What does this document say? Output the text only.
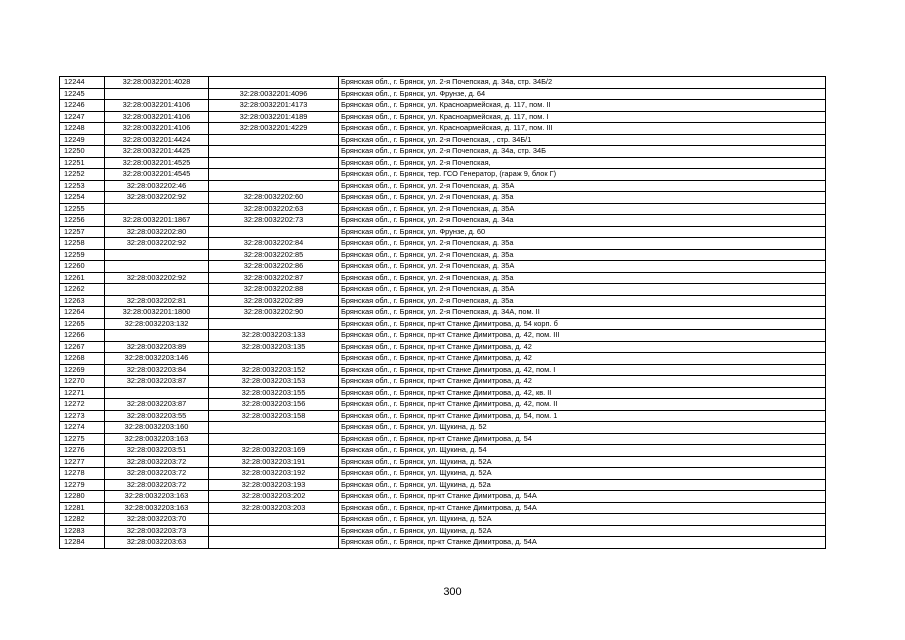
12244	32:28:0032201:4028		Брянская обл., г. Брянск, ул. 2-я Почепская, д. 34а, стр. 34Б/2
12245		32:28:0032201:4096	Брянская обл., г. Брянск, ул. Фрунзе, д. 64
12246	32:28:0032201:4106	32:28:0032201:4173	Брянская обл., г. Брянск, ул. Красноармейская, д. 117, пом. II
12247	32:28:0032201:4106	32:28:0032201:4189	Брянская обл., г. Брянск, ул. Красноармейская, д. 117, пом. I
12248	32:28:0032201:4106	32:28:0032201:4229	Брянская обл., г. Брянск, ул. Красноармейская, д. 117, пом. III
12249	32:28:0032201:4424		Брянская обл., г. Брянск, ул. 2-я Почепская, , стр. 34Б/1
12250	32:28:0032201:4425		Брянская обл., г. Брянск, ул. 2-я Почепская, д. 34а, стр. 34Б
12251	32:28:0032201:4525		Брянская обл., г. Брянск, ул. 2-я Почепская,
12252	32:28:0032201:4545		Брянская обл., г. Брянск, тер. ГСО Генератор, (гараж 9, блок Г)
12253	32:28:0032202:46		Брянская обл., г. Брянск, ул. 2-я Почепская, д. 35А
12254	32:28:0032202:92	32:28:0032202:60	Брянская обл., г. Брянск, ул. 2-я Почепская, д. 35а
12255		32:28:0032202:63	Брянская обл., г. Брянск, ул. 2-я Почепская, д. 35А
12256	32:28:0032201:1867	32:28:0032202:73	Брянская обл., г. Брянск, ул. 2-я Почепская, д. 34а
12257	32:28:0032202:80		Брянская обл., г. Брянск, ул. Фрунзе, д. 60
12258	32:28:0032202:92	32:28:0032202:84	Брянская обл., г. Брянск, ул. 2-я Почепская, д. 35а
12259		32:28:0032202:85	Брянская обл., г. Брянск, ул. 2-я Почепская, д. 35а
12260		32:28:0032202:86	Брянская обл., г. Брянск, ул. 2-я Почепская, д. 35А
12261	32:28:0032202:92	32:28:0032202:87	Брянская обл., г. Брянск, ул. 2-я Почепская, д. 35а
12262		32:28:0032202:88	Брянская обл., г. Брянск, ул. 2-я Почепская, д. 35А
12263	32:28:0032202:81	32:28:0032202:89	Брянская обл., г. Брянск, ул. 2-я Почепская, д. 35а
12264	32:28:0032201:1800	32:28:0032202:90	Брянская обл., г. Брянск, ул. 2-я Почепская, д. 34А, пом. II
12265	32:28:0032203:132		Брянская обл., г. Брянск, пр-кт Станке Димитрова, д. 54 корп. б
12266		32:28:0032203:133	Брянская обл., г. Брянск, пр-кт Станке Димитрова, д. 42, пом. III
12267	32:28:0032203:89	32:28:0032203:135	Брянская обл., г. Брянск, пр-кт Станке Димитрова, д. 42
12268	32:28:0032203:146		Брянская обл., г. Брянск, пр-кт Станке Димитрова, д. 42
12269	32:28:0032203:84	32:28:0032203:152	Брянская обл., г. Брянск, пр-кт Станке Димитрова, д. 42, пом. I
12270	32:28:0032203:87	32:28:0032203:153	Брянская обл., г. Брянск, пр-кт Станке Димитрова, д. 42
12271		32:28:0032203:155	Брянская обл., г. Брянск, пр-кт Станке Димитрова, д. 42, кв. II
12272	32:28:0032203:87	32:28:0032203:156	Брянская обл., г. Брянск, пр-кт Станке Димитрова, д. 42, пом. II
12273	32:28:0032203:55	32:28:0032203:158	Брянская обл., г. Брянск, пр-кт Станке Димитрова, д. 54, пом. 1
12274	32:28:0032203:160		Брянская обл., г. Брянск, ул. Щукина, д. 52
12275	32:28:0032203:163		Брянская обл., г. Брянск, пр-кт Станке Димитрова, д. 54
12276	32:28:0032203:51	32:28:0032203:169	Брянская обл., г. Брянск, ул. Щукина, д. 54
12277	32:28:0032203:72	32:28:0032203:191	Брянская обл., г. Брянск, ул. Щукина, д. 52А
12278	32:28:0032203:72	32:28:0032203:192	Брянская обл., г. Брянск, ул. Щукина, д. 52А
12279	32:28:0032203:72	32:28:0032203:193	Брянская обл., г. Брянск, ул. Щукина, д. 52а
12280	32:28:0032203:163	32:28:0032203:202	Брянская обл., г. Брянск, пр-кт Станке Димитрова, д. 54А
12281	32:28:0032203:163	32:28:0032203:203	Брянская обл., г. Брянск, пр-кт Станке Димитрова, д. 54А
12282	32:28:0032203:70		Брянская обл., г. Брянск, ул. Щукина, д. 52А
12283	32:28:0032203:73		Брянская обл., г. Брянск, ул. Щукина, д. 52А
12284	32:28:0032203:63		Брянская обл., г. Брянск, пр-кт Станке Димитрова, д. 54А
300
